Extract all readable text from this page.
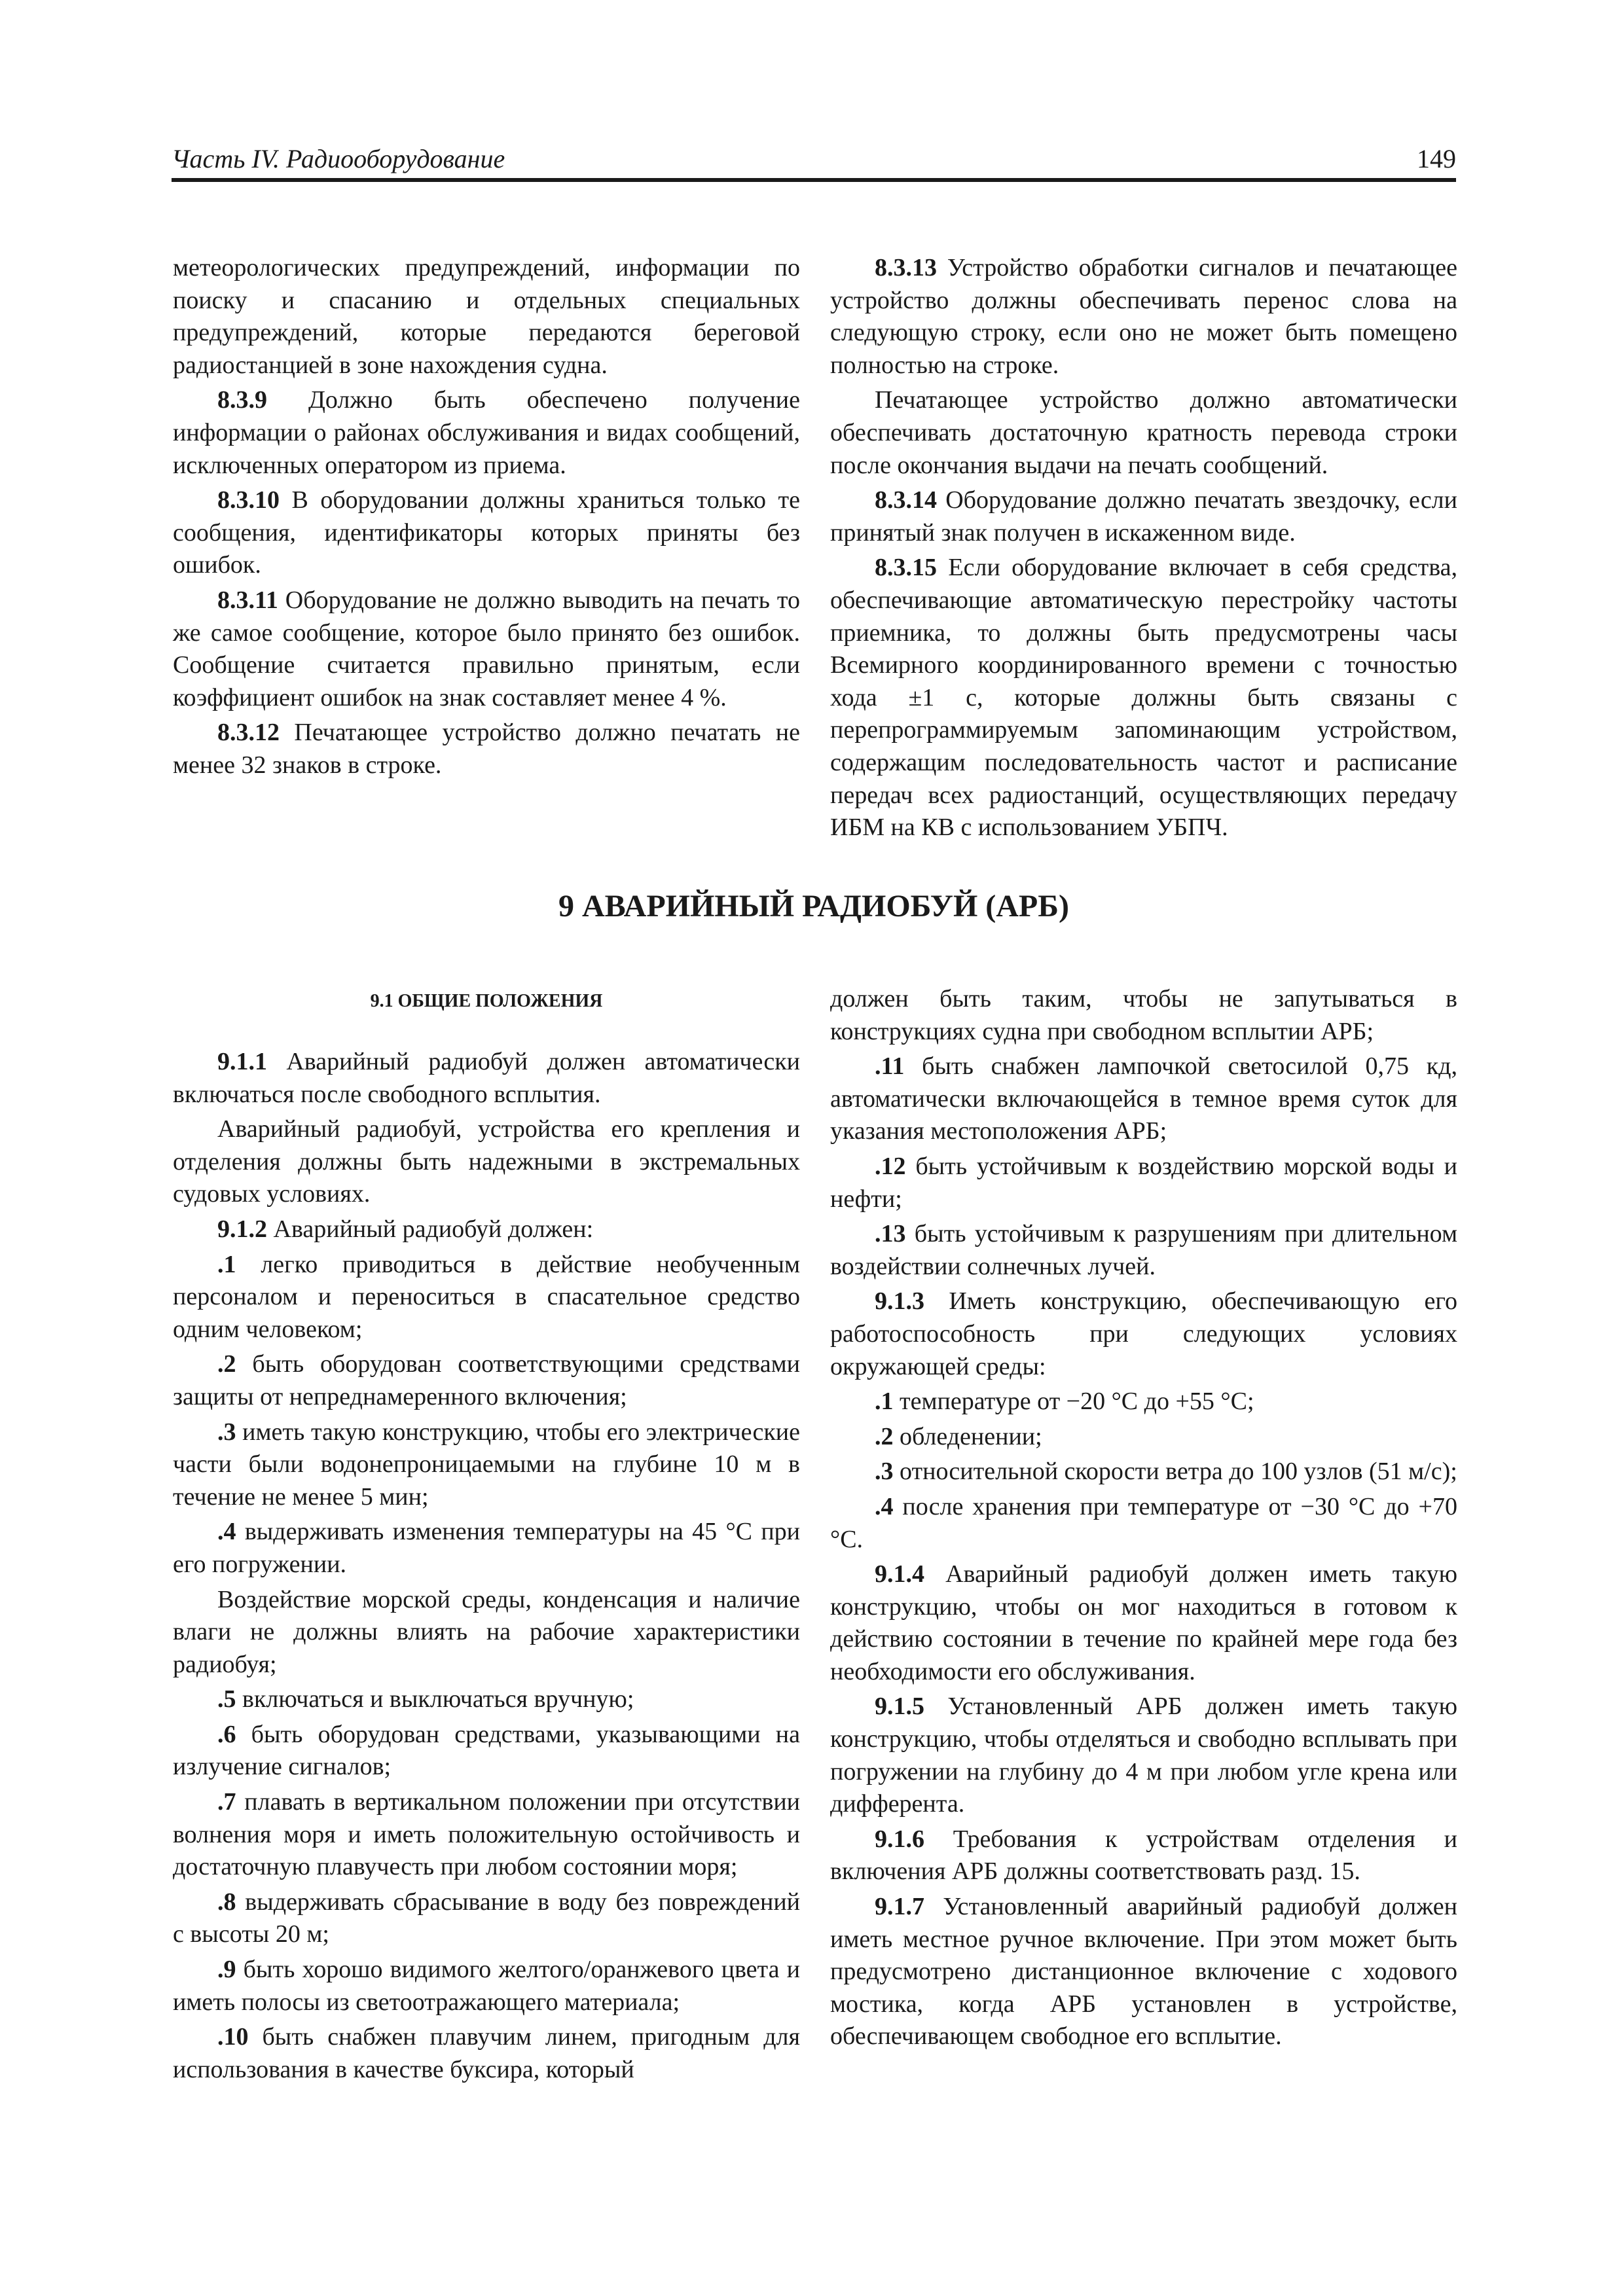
Часть IV. Радиооборудование	149

метеорологических предупреждений, информации по поиску и спасанию и отдельных специальных предупреждений, которые передаются береговой радиостанцией в зоне нахождения судна.

8.3.9 Должно быть обеспечено получение информации о районах обслуживания и видах сообщений, исключенных оператором из приема.

8.3.10 В оборудовании должны храниться только те сообщения, идентификаторы которых приняты без ошибок.

8.3.11 Оборудование не должно выводить на печать то же самое сообщение, которое было принято без ошибок. Сообщение считается правильно принятым, если коэффициент ошибок на знак составляет менее 4 %.

8.3.12 Печатающее устройство должно печатать не менее 32 знаков в строке.

8.3.13 Устройство обработки сигналов и печатающее устройство должны обеспечивать перенос слова на следующую строку, если оно не может быть помещено полностью на строке.

Печатающее устройство должно автоматически обеспечивать достаточную кратность перевода строки после окончания выдачи на печать сообщений.

8.3.14 Оборудование должно печатать звездочку, если принятый знак получен в искаженном виде.

8.3.15 Если оборудование включает в себя средства, обеспечивающие автоматическую перестройку частоты приемника, то должны быть предусмотрены часы Всемирного координированного времени с точностью хода ±1 с, которые должны быть связаны с перепрограммируемым запоминающим устройством, содержащим последовательность частот и расписание передач всех радиостанций, осуществляющих передачу ИБМ на КВ с использованием УБПЧ.

9 АВАРИЙНЫЙ РАДИОБУЙ (АРБ)

9.1 ОБЩИЕ ПОЛОЖЕНИЯ

9.1.1 Аварийный радиобуй должен автоматически включаться после свободного всплытия.

Аварийный радиобуй, устройства его крепления и отделения должны быть надежными в экстремальных судовых условиях.

9.1.2 Аварийный радиобуй должен:

.1 легко приводиться в действие необученным персоналом и переноситься в спасательное средство одним человеком;

.2 быть оборудован соответствующими средствами защиты от непреднамеренного включения;

.3 иметь такую конструкцию, чтобы его электрические части были водонепроницаемыми на глубине 10 м в течение не менее 5 мин;

.4 выдерживать изменения температуры на 45 °С при его погружении.

Воздействие морской среды, конденсация и наличие влаги не должны влиять на рабочие характеристики радиобуя;

.5 включаться и выключаться вручную;

.6 быть оборудован средствами, указывающими на излучение сигналов;

.7 плавать в вертикальном положении при отсутствии волнения моря и иметь положительную остойчивость и достаточную плавучесть при любом состоянии моря;

.8 выдерживать сбрасывание в воду без повреждений с высоты 20 м;

.9 быть хорошо видимого желтого/оранжевого цвета и иметь полосы из светоотражающего материала;

.10 быть снабжен плавучим линем, пригодным для использования в качестве буксира, который

должен быть таким, чтобы не запутываться в конструкциях судна при свободном всплытии АРБ;

.11 быть снабжен лампочкой светосилой 0,75 кд, автоматически включающейся в темное время суток для указания местоположения АРБ;

.12 быть устойчивым к воздействию морской воды и нефти;

.13 быть устойчивым к разрушениям при длительном воздействии солнечных лучей.

9.1.3 Иметь конструкцию, обеспечивающую его работоспособность при следующих условиях окружающей среды:

.1 температуре от −20 °С до +55 °С;

.2 обледенении;

.3 относительной скорости ветра до 100 узлов (51 м/с);

.4 после хранения при температуре от −30 °С до +70 °С.

9.1.4 Аварийный радиобуй должен иметь такую конструкцию, чтобы он мог находиться в готовом к действию состоянии в течение по крайней мере года без необходимости его обслуживания.

9.1.5 Установленный АРБ должен иметь такую конструкцию, чтобы отделяться и свободно всплывать при погружении на глубину до 4 м при любом угле крена или дифферента.

9.1.6 Требования к устройствам отделения и включения АРБ должны соответствовать разд. 15.

9.1.7 Установленный аварийный радиобуй должен иметь местное ручное включение. При этом может быть предусмотрено дистанционное включение с ходового мостика, когда АРБ установлен в устройстве, обеспечивающем свободное его всплытие.
